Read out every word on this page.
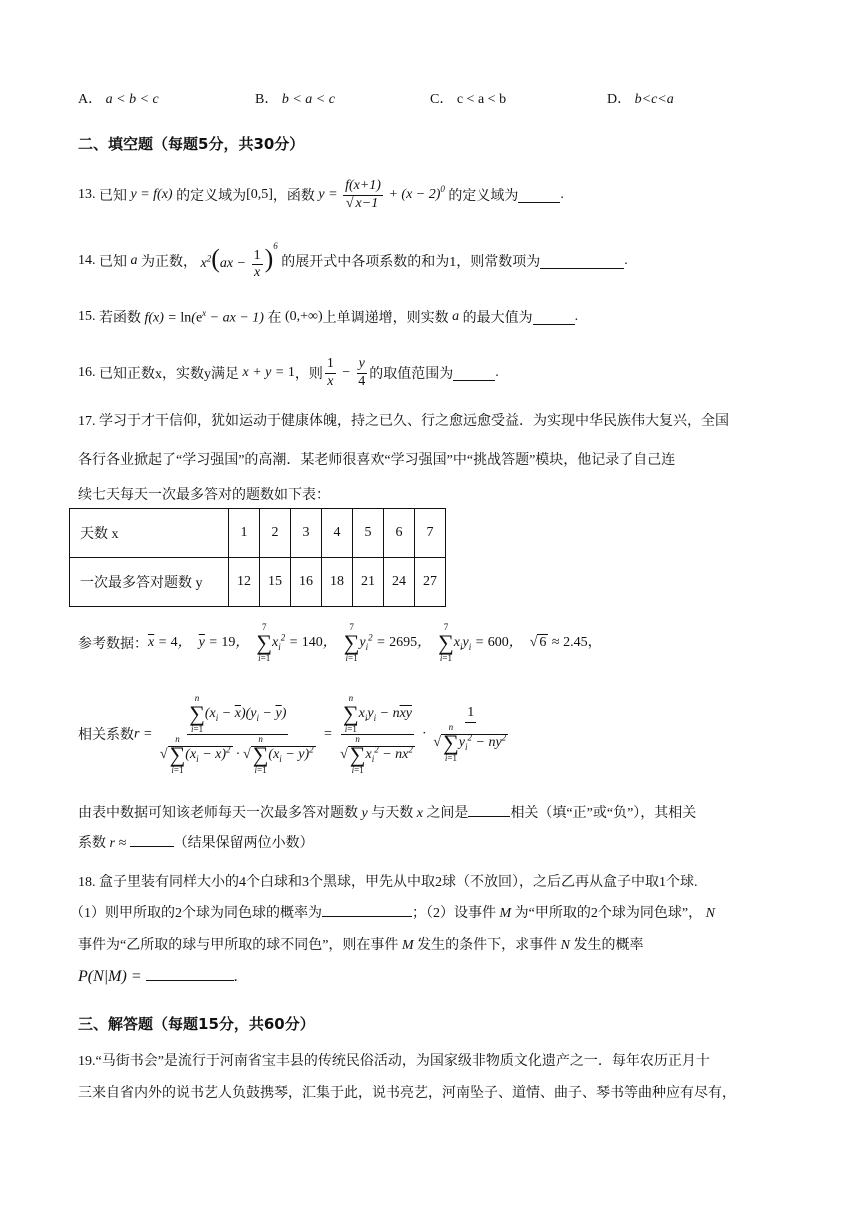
A． a < b < c	B． b < a < c	C． c < a < b	D． b<c<a
二、填空题（每题5分，共30分）
13.
已知 y = f(x) 的定义域为 [0,5] ，函数 $y = \frac{f(x+1)}{√ x-1} + (x - 2)^0$ 的定义域为	.
14.
已知 a 为正数， $x^2(ax - \frac{1}{x} )^6$
的展开式中各项系数的和为1，则常数项为	.
15.
若函数 $f(x) = \ln(e^x$ − ax − 1) 在 (0,+∞) 上单调递增，则实数 a 的最大值为	.
16.
已知正数x，实数y满足 x + y = 1 ，则 $\frac{1}{x} - \frac{y}{4}$ 的取值范围为	.
17. 学习于才干信仰，犹如运动于健康体魄，持之已久、行之愈远愈受益．为实现中华民族伟大复兴，全国
各行各业掀起了“学习强国”的高潮．某老师很喜欢“学习强国”中“挑战答题”模块，他记录了自己连
续七天每天一次最多答对的题数如下表：
天数 x	1	2	3	4	5	6	7
一次最多答对题数 y	12	15	16	18	21	24	27
参考数据： $\overline{x} = 4$，  $\overline{y} = 19$，
7
∑
i=1
$x_i^2 = 140$，
7
∑
i=1
$y_i^2 = 2695$，
7
∑
i=1
$x_iy_i = 600$，  √ 6 ≈ 2.45，
相关系数 r = n
∑
i=1
$(x_i - \overline{x})(y_i - \overline{y})$
√
n
∑
i=1
$(x_i - \overline{x})^2$ · √
n
∑
i=1
$(x_i - \overline{y})^2 = n$
∑
i=1
$x_iy_i - n\overline{xy}$
√
n
∑
i=1
$x_i^2 - n\overline{x}^2 \cdot 1$
√
n
∑
i=1
$y_i^2 - n\overline{y}^2$
由表中数据可知该老师每天一次最多答对题数 y 与天数 x 之间是	相关（填“正”或“负”），其相关
系数 r ≈	（结果保留两位小数）
18. 盒子里装有同样大小的4个白球和3个黑球，甲先从中取2球（不放回），之后乙再从盒子中取1个球.
（1）则甲所取的2个球为同色球的概率为	；（2）设事件 M 为“甲所取的2个球为同色球”， N
事件为“乙所取的球与甲所取的球不同色”，则在事件 M 发生的条件下，求事件 N 发生的概率
P(N|M) =	.
三、解答题（每题15分，共60分）
19.“马街书会”是流行于河南省宝丰县的传统民俗活动，为国家级非物质文化遗产之一．每年农历正月十
三来自省内外的说书艺人负鼓携琴，汇集于此，说书亮艺，河南坠子、道情、曲子、琴书等曲种应有尽有，
